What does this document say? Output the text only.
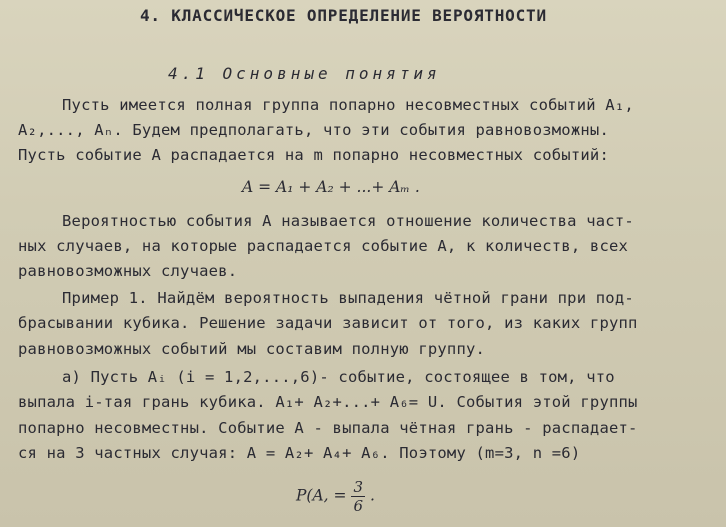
4. КЛАССИЧЕСКОЕ ОПРЕДЕЛЕНИЕ ВЕРОЯТНОСТИ
4.1 Основные понятия
Пусть имеется полная группа попарно несовместных событий A₁,
A₂,..., Aₙ. Будем предполагать, что эти события равновозможны.
Пусть событие A распадается на m попарно несовместных событий:
A = A₁ + A₂ + ...+ Aₘ .
Вероятностью события A называется отношение количества част-
ных случаев, на которые распадается событие A, к количеств, всех
равновозможных случаев.
Пример 1. Найдём вероятность выпадения чётной грани при под-
брасывании кубика. Решение задачи зависит от того, из каких групп
равновозможных событий мы составим полную группу.
а) Пусть Aᵢ (i = 1,2,...,6)- событие, состоящее в том, что
выпала i-тая грань кубика. A₁+ A₂+...+ A₆= U. События этой группы
попарно несовместны. Событие A - выпала чётная грань - распадает-
ся на 3 частных случая: A = A₂+ A₄+ A₆. Поэтому (m=3, n =6)
P(A, = $\frac{3}{6}$ .
